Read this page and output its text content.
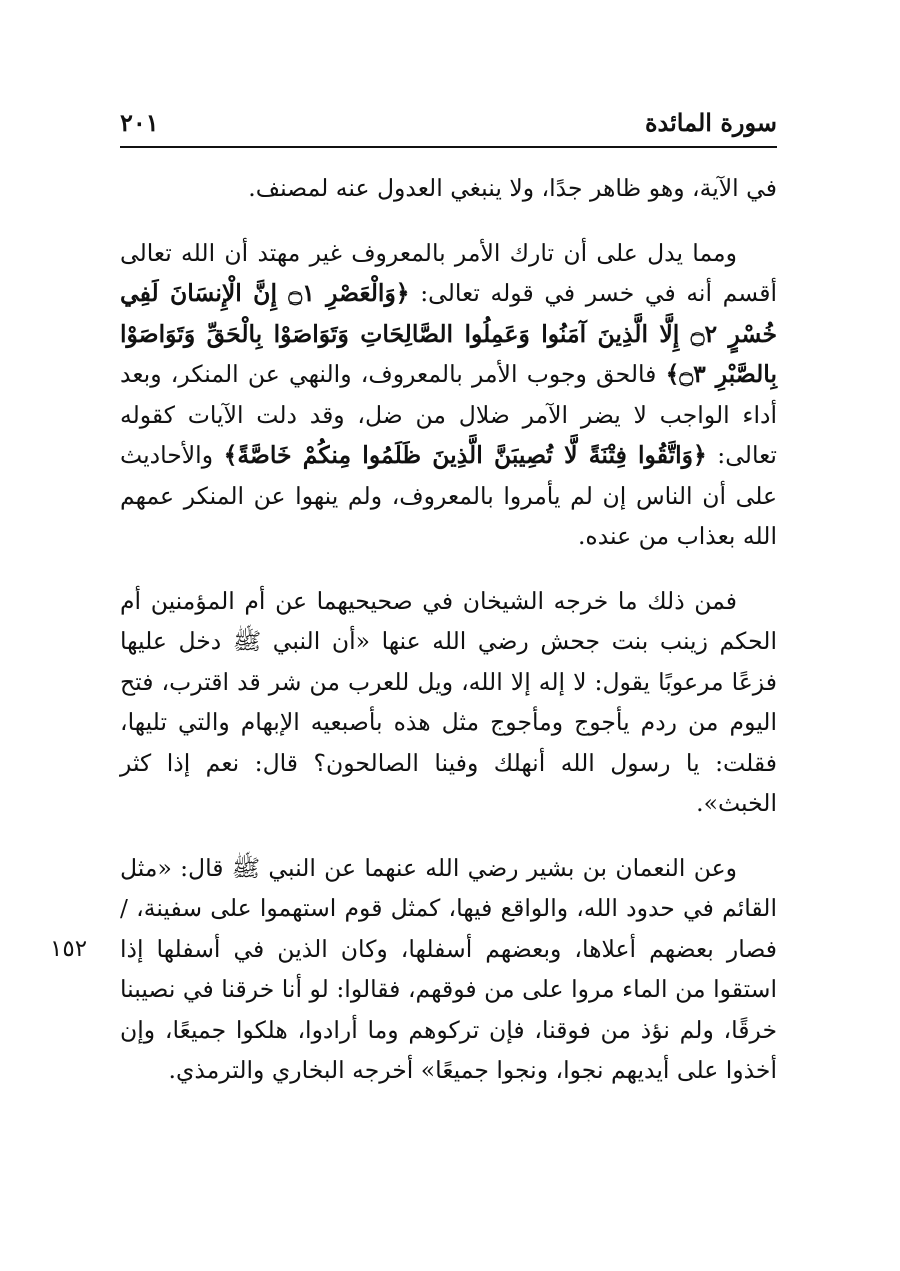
سورة المائدة
٢٠١

في الآية، وهو ظاهر جدًا، ولا ينبغي العدول عنه لمصنف.

ومما يدل على أن تارك الأمر بالمعروف غير مهتد أن الله تعالى أقسم أنه في خسر في قوله تعالى: ﴿وَالْعَصْرِ ۝١ إِنَّ الْإِنسَانَ لَفِي خُسْرٍ ۝٢ إِلَّا الَّذِينَ آمَنُوا وَعَمِلُوا الصَّالِحَاتِ وَتَوَاصَوْا بِالْحَقِّ وَتَوَاصَوْا بِالصَّبْرِ ۝٣﴾ فالحق وجوب الأمر بالمعروف، والنهي عن المنكر، وبعد أداء الواجب لا يضر الآمر ضلال من ضل، وقد دلت الآيات كقوله تعالى: ﴿وَاتَّقُوا فِتْنَةً لَّا تُصِيبَنَّ الَّذِينَ ظَلَمُوا مِنكُمْ خَاصَّةً﴾ والأحاديث على أن الناس إن لم يأمروا بالمعروف، ولم ينهوا عن المنكر عمهم الله بعذاب من عنده.

فمن ذلك ما خرجه الشيخان في صحيحيهما عن أم المؤمنين أم الحكم زينب بنت جحش رضي الله عنها «أن النبي ﷺ دخل عليها فزعًا مرعوبًا يقول: لا إله إلا الله، ويل للعرب من شر قد اقترب، فتح اليوم من ردم يأجوج ومأجوج مثل هذه بأصبعيه الإبهام والتي تليها، فقلت: يا رسول الله أنهلك وفينا الصالحون؟ قال: نعم إذا كثر الخبث».

وعن النعمان بن بشير رضي الله عنهما عن النبي ﷺ قال: «مثل القائم في حدود الله، والواقع فيها، كمثل قوم استهموا على سفينة، / فصار بعضهم أعلاها، وبعضهم أسفلها، وكان الذين في أسفلها إذا استقوا من الماء مروا على من فوقهم، فقالوا: لو أنا خرقنا في نصيبنا خرقًا، ولم نؤذ من فوقنا، فإن تركوهم وما أرادوا، هلكوا جميعًا، وإن أخذوا على أيديهم نجوا، ونجوا جميعًا» أخرجه البخاري والترمذي.

١٥٢
